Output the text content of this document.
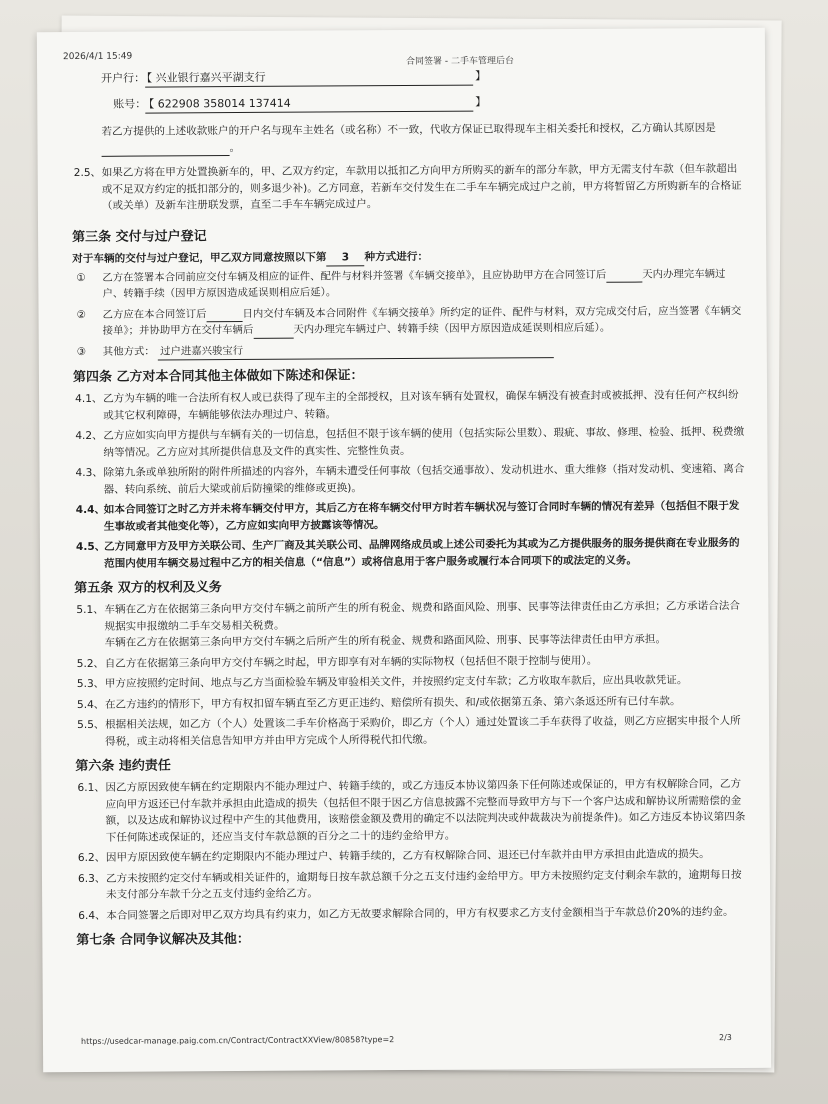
2026/4/1 15:49	合同签署 - 二手车管理后台
开户行：
【 兴业银行嘉兴平湖支行	】
账号：
【 622908 358014 137414	】
若乙方提供的上述收款账户的开户名与现车主姓名（或名称）不一致，代收方保证已取得现车主相关委托和授权，乙方确认其原因是。
2.5、 如果乙方将在甲方处置换新车的，甲、乙双方约定，车款用以抵扣乙方向甲方所购买的新车的部分车款，甲方无需支付车款（但车款超出或不足双方约定的抵扣部分的，则多退少补)。乙方同意，若新车交付发生在二手车车辆完成过户之前，甲方将暂留乙方所购新车的合格证（或关单）及新车注册联发票，直至二手车车辆完成过户。
第三条 交付与过户登记
对于车辆的交付与过户登记，甲乙双方同意按照以下第 3 种方式进行：
① 乙方在签署本合同前应交付车辆及相应的证件、配件与材料并签署《车辆交接单》，且应协助甲方在合同签订后	天内办理完车辆过户、转籍手续（因甲方原因造成延误则相应后延）。
② 乙方应在本合同签订后	日内交付车辆及本合同附件《车辆交接单》所约定的证件、配件与材料，双方完成交付后，应当签署《车辆交接单》；并协助甲方在交付车辆后	天内办理完车辆过户、转籍手续（因甲方原因造成延误则相应后延）。
③ 其他方式： 过户进嘉兴骏宝行
第四条 乙方对本合同其他主体做如下陈述和保证：
4.1、 乙方为车辆的唯一合法所有权人或已获得了现车主的全部授权，且对该车辆有处置权，确保车辆没有被查封或被抵押、没有任何产权纠纷或其它权利障碍，车辆能够依法办理过户、转籍。
4.2、 乙方应如实向甲方提供与车辆有关的一切信息，包括但不限于该车辆的使用（包括实际公里数）、瑕疵、事故、修理、检验、抵押、税费缴纳等情况。乙方应对其所提供信息及文件的真实性、完整性负责。
4.3、 除第九条或单独所附的附件所描述的内容外，车辆未遭受任何事故（包括交通事故）、发动机进水、重大维修（指对发动机、变速箱、离合器、转向系统、前后大梁或前后防撞梁的维修或更换)。
4.4、
如本合同签订之时乙方并未将车辆交付甲方，其后乙方在将车辆交付甲方时若车辆状况与签订合同时车辆的情况有差异（包括但不限于发生事故或者其他变化等），乙方应如实向甲方披露该等情况。
4.5、
乙方同意甲方及甲方关联公司、生产厂商及其关联公司、品牌网络成员或上述公司委托为其或为乙方提供服务的服务提供商在专业服务的范围内使用车辆交易过程中乙方的相关信息（“信息”）或将信息用于客户服务或履行本合同项下的或法定的义务。
第五条 双方的权利及义务
5.1、 车辆在乙方在依据第三条向甲方交付车辆之前所产生的所有税金、规费和路面风险、刑事、民事等法律责任由乙方承担；乙方承诺合法合规据实申报缴纳二手车交易相关税费。
车辆在乙方在依据第三条向甲方交付车辆之后所产生的所有税金、规费和路面风险、刑事、民事等法律责任由甲方承担。
5.2、 自乙方在依据第三条向甲方交付车辆之时起，甲方即享有对车辆的实际物权（包括但不限于控制与使用）。
5.3、 甲方应按照约定时间、地点与乙方当面检验车辆及审验相关文件，并按照约定支付车款；乙方收取车款后，应出具收款凭证。
5.4、 在乙方违约的情形下，甲方有权扣留车辆直至乙方更正违约、赔偿所有损失、和/或依据第五条、第六条返还所有已付车款。
5.5、 根据相关法规，如乙方（个人）处置该二手车价格高于采购价，即乙方（个人）通过处置该二手车获得了收益，则乙方应据实申报个人所得税，或主动将相关信息告知甲方并由甲方完成个人所得税代扣代缴。
第六条 违约责任
6.1、 因乙方原因致使车辆在约定期限内不能办理过户、转籍手续的，或乙方违反本协议第四条下任何陈述或保证的，甲方有权解除合同，乙方应向甲方返还已付车款并承担由此造成的损失（包括但不限于因乙方信息披露不完整而导致甲方与下一个客户达成和解协议所需赔偿的金额，以及达成和解协议过程中产生的其他费用，该赔偿金额及费用的确定不以法院判决或仲裁裁决为前提条件)。如乙方违反本协议第四条下任何陈述或保证的，还应当支付车款总额的百分之二十的违约金给甲方。
6.2、 因甲方原因致使车辆在约定期限内不能办理过户、转籍手续的，乙方有权解除合同、退还已付车款并由甲方承担由此造成的损失。
6.3、 乙方未按照约定交付车辆或相关证件的，逾期每日按车款总额千分之五支付违约金给甲方。甲方未按照约定支付剩余车款的，逾期每日按未支付部分车款千分之五支付违约金给乙方。
6.4、 本合同签署之后即对甲乙双方均具有约束力，如乙方无故要求解除合同的，甲方有权要求乙方支付金额相当于车款总价20%的违约金。
第七条 合同争议解决及其他：
https://usedcar-manage.paig.com.cn/Contract/ContractXXView/80858?type=2	2/3
